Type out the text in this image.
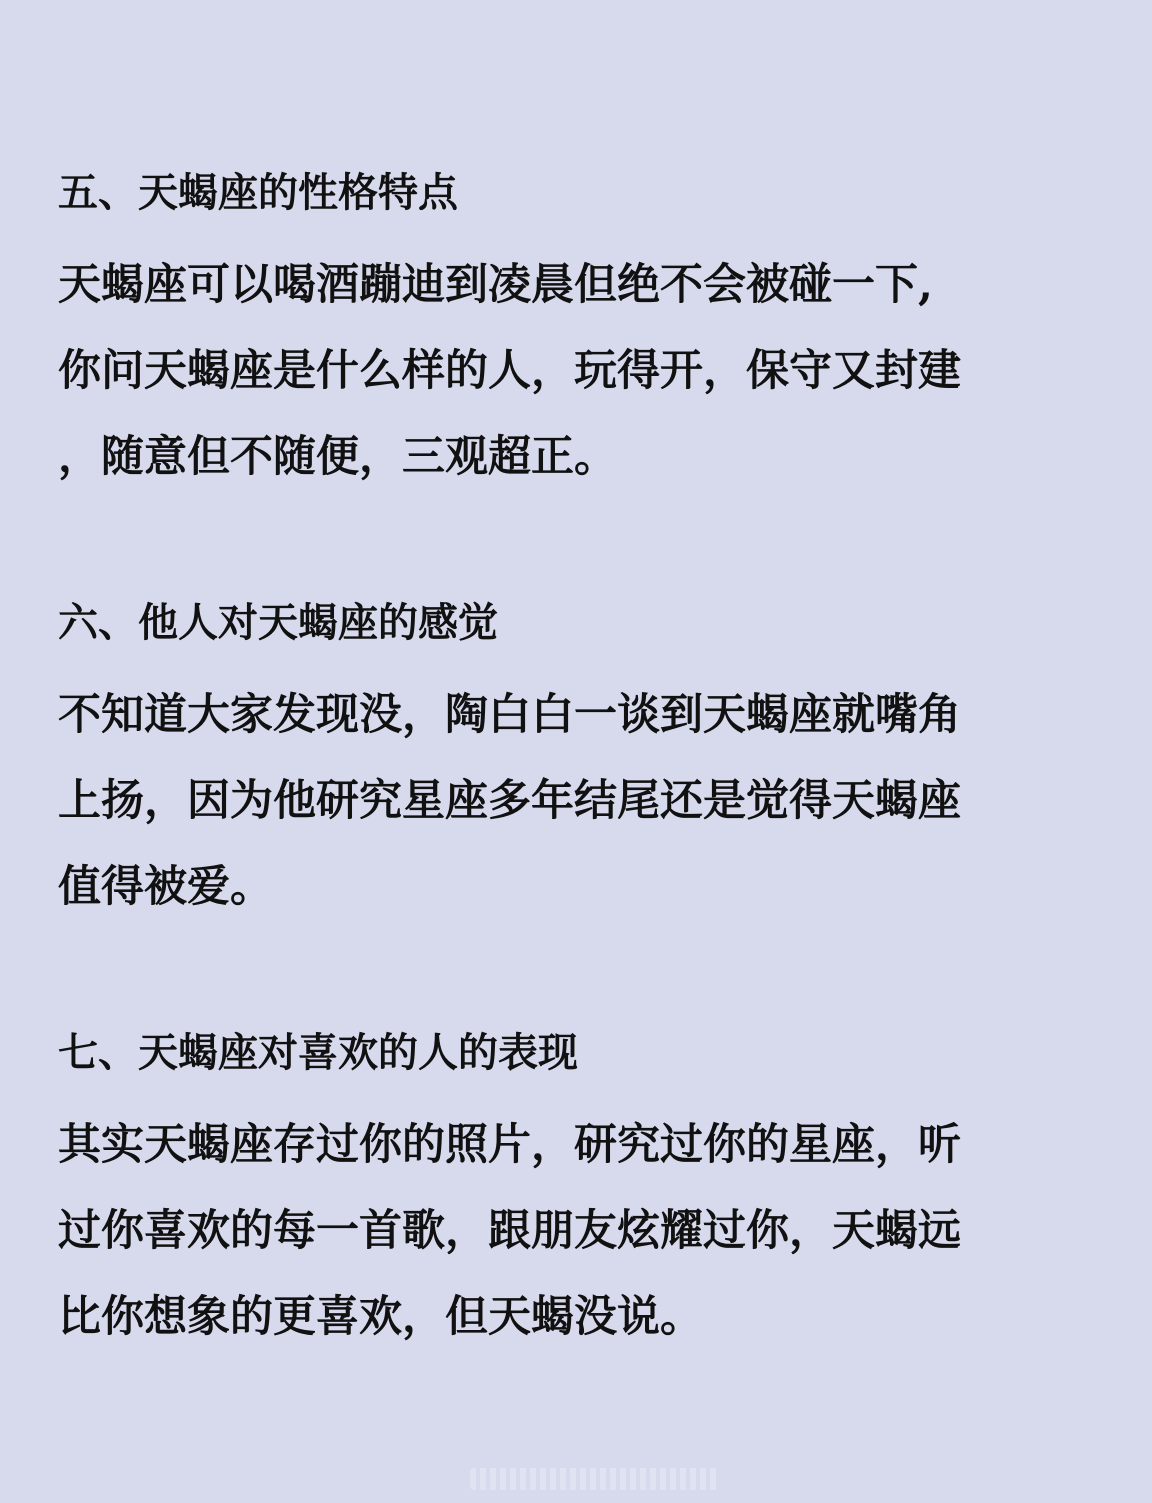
五、天蝎座的性格特点

天蝎座可以喝酒蹦迪到凌晨但绝不会被碰一下,

你问天蝎座是什么样的人，玩得开，保守又封建

，随意但不随便，三观超正。

六、他人对天蝎座的感觉

不知道大家发现没，陶白白一谈到天蝎座就嘴角

上扬，因为他研究星座多年结尾还是觉得天蝎座

值得被爱。

七、天蝎座对喜欢的人的表现

其实天蝎座存过你的照片，研究过你的星座，听

过你喜欢的每一首歌，跟朋友炫耀过你，天蝎远

比你想象的更喜欢，但天蝎没说。
